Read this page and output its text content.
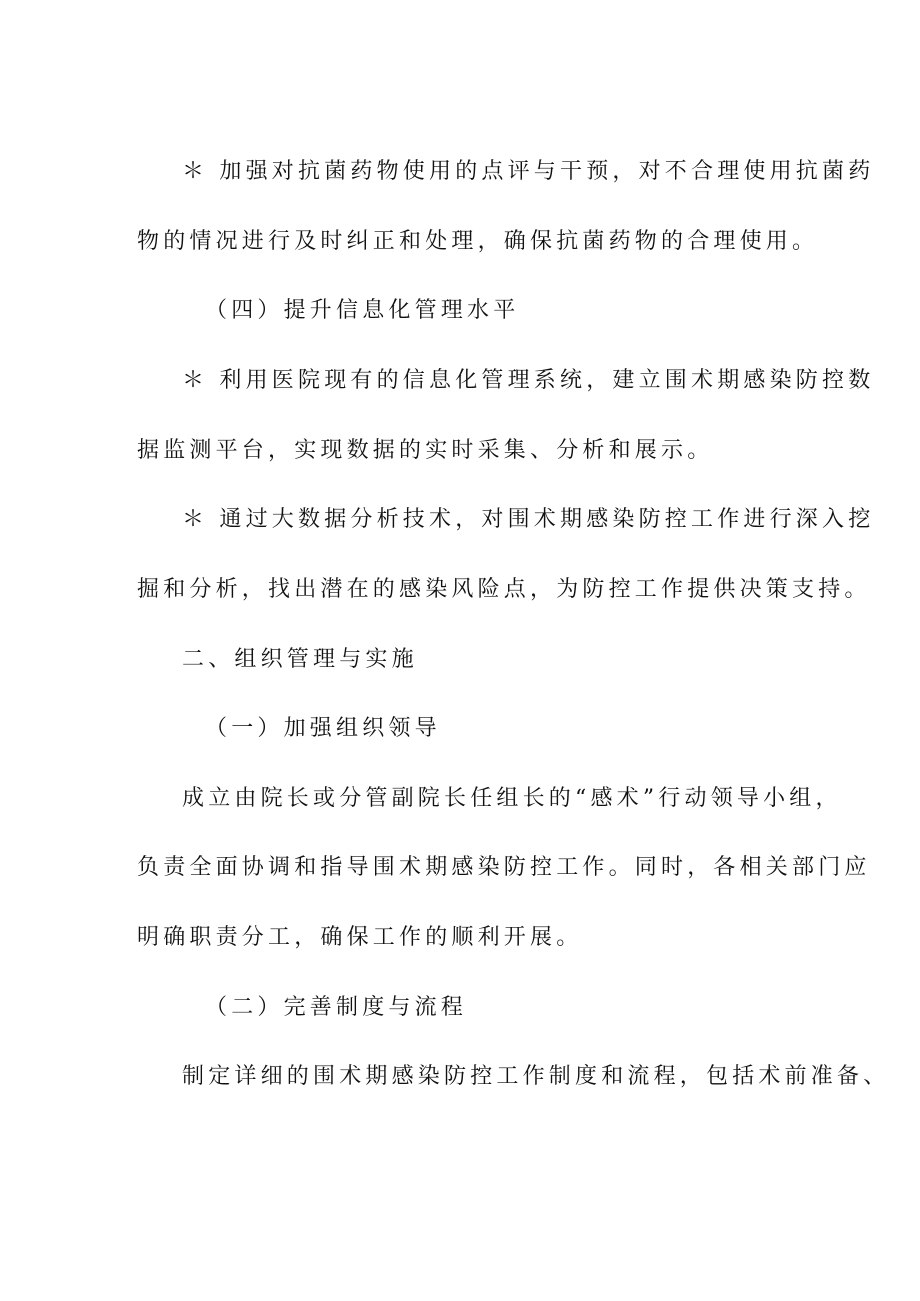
＊ 加强对抗菌药物使用的点评与干预，对不合理使用抗菌药
物的情况进行及时纠正和处理，确保抗菌药物的合理使用。
（四）提升信息化管理水平
＊ 利用医院现有的信息化管理系统，建立围术期感染防控数
据监测平台，实现数据的实时采集、分析和展示。
＊ 通过大数据分析技术，对围术期感染防控工作进行深入挖
掘和分析，找出潜在的感染风险点，为防控工作提供决策支持。
二、组织管理与实施
（一）加强组织领导
成立由院长或分管副院长任组长的“感术”行动领导小组，
负责全面协调和指导围术期感染防控工作。同时，各相关部门应
明确职责分工，确保工作的顺利开展。
（二）完善制度与流程
制定详细的围术期感染防控工作制度和流程，包括术前准备、
